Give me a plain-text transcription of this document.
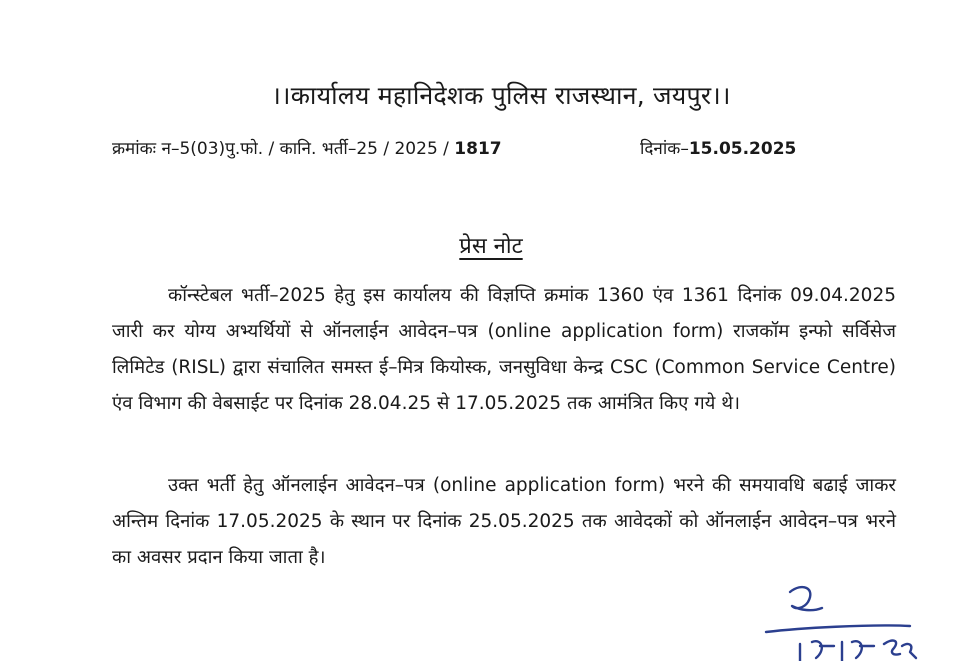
।।कार्यालय महानिदेशक पुलिस राजस्थान, जयपुर।।
क्रमांकः न–5(03)पु.फो. / कानि. भर्ती–25 / 2025 / 1817	दिनांक–15.05.2025
प्रेस नोट

कॉन्स्टेबल भर्ती–2025 हेतु इस कार्यालय की विज्ञप्ति क्रमांक 1360 एंव 1361 दिनांक 09.04.2025 जारी कर योग्य अभ्यर्थियों से ऑनलाईन आवेदन–पत्र (online application form) राजकॉम इन्फो सर्विसेज लिमिटेड (RISL) द्वारा संचालित समस्त ई–मित्र कियोस्क, जनसुविधा केन्द्र CSC (Common Service Centre) एंव विभाग की वेबसाईट पर दिनांक 28.04.25 से 17.05.2025 तक आमंत्रित किए गये थे।

उक्त भर्ती हेतु ऑनलाईन आवेदन–पत्र (online application form) भरने की समयावधि बढाई जाकर अन्तिम दिनांक 17.05.2025 के स्थान पर दिनांक 25.05.2025 तक आवेदकों को ऑनलाईन आवेदन–पत्र भरने का अवसर प्रदान किया जाता है।
